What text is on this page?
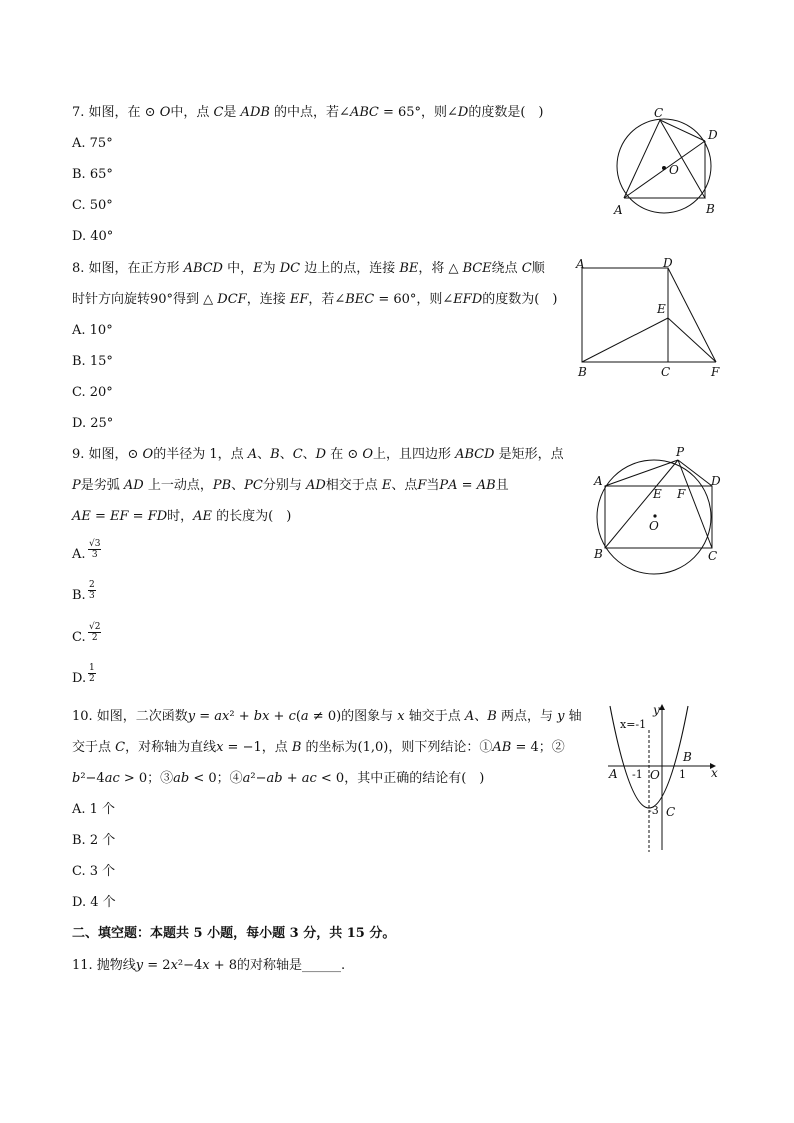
7. 如图，在 ⊙ 𝑂中，点 𝐶是 𝐴𝐷𝐵 的中点，若∠𝐴𝐵𝐶 = 65°，则∠𝐷的度数是(　)
A. 75°
B. 65°
C. 50°
D. 40°
C
D
O
A	B
8. 如图，在正方形 𝐴𝐵𝐶𝐷 中，𝐸为 𝐷𝐶 边上的点，连接 𝐵𝐸，将 △ 𝐵𝐶𝐸绕点 𝐶顺
时针方向旋转90°得到 △ 𝐷𝐶𝐹，连接 𝐸𝐹，若∠𝐵𝐸𝐶 = 60°，则∠𝐸𝐹𝐷的度数为(　)
A. 10°
B. 15°
C. 20°
D. 25°
A	D
E
B	C	F
9. 如图，⊙ 𝑂的半径为 1，点 𝐴、𝐵、𝐶、𝐷 在 ⊙ 𝑂上，且四边形 𝐴𝐵𝐶𝐷 是矩形，点
𝑃是劣弧 𝐴𝐷 上一动点，𝑃𝐵、𝑃𝐶分别与 𝐴𝐷相交于点 𝐸、点𝐹当𝑃𝐴 = 𝐴𝐵且
𝐴𝐸 = 𝐸𝐹 = 𝐹𝐷时，𝐴𝐸 的长度为(　)
A. $\frac{√3}{3}$
B. $\frac{2}{3}$
C. $\frac{√2}{2}$
D. $\frac{1}{2}$
P
A	D
E F
O
B	C
10. 如图，二次函数𝑦 = 𝑎𝑥² + 𝑏𝑥 + 𝑐(𝑎 ≠ 0)的图象与 𝑥 轴交于点 𝐴、𝐵 两点，与 𝑦 轴
交于点 𝐶，对称轴为直线𝑥 = −1，点 𝐵 的坐标为(1,0)，则下列结论：①𝐴𝐵 = 4；②
𝑏²−4𝑎𝑐 > 0；③𝑎𝑏 < 0；④𝑎²−𝑎𝑏 + 𝑎𝑐 < 0，其中正确的结论有(　)
A. 1 个
B. 2 个
C. 3 个
D. 4 个
x=-1
y
x
A -1 O 1
B
-3 C
二、填空题：本题共 5 小题，每小题 3 分，共 15 分。
11. 抛物线𝑦 = 2𝑥²−4𝑥 + 8的对称轴是______.
